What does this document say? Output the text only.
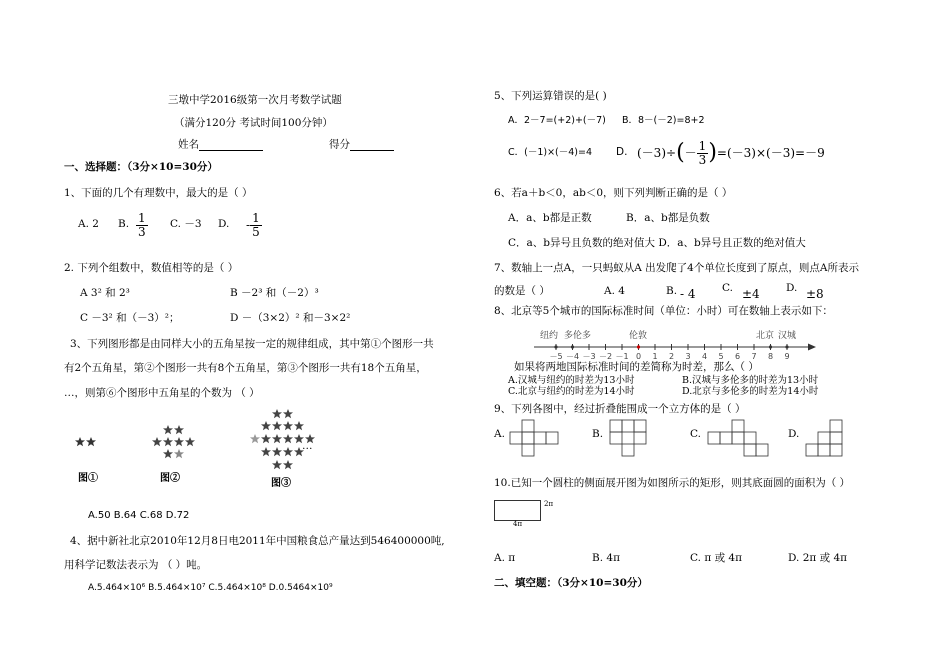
三墩中学2016级第一次月考数学试题
（满分120分 考试时间100分钟）
姓名	得分
一、选择题：（3分×10=30分）
1、下面的几个有理数中，最大的是（ ）
A. 2 B. $\frac{1}{3} C$. －3 D. - $\frac{1}{5}$
2. 下列个组数中，数值相等的是（ ）
A 3² 和 2³	B －2³ 和（－2）³
C －3² 和（－3）²；	D －（3×2）² 和－3×2²
3、下列图形都是由同样大小的五角星按一定的规律组成，其中第①个图形一共
有2个五角星，第②个图形一共有8个五角星，第③个图形一共有18个五角星，
…，则第⑥个图形中五角星的个数为 （ ）
…
图①	图②	图③
A.50 B.64 C.68 D.72
4、据中新社北京2010年12月8日电2011年中国粮食总产量达到546400000吨,
用科学记数法表示为 （ ）吨。
A.5.464×10⁶ B.5.464×10⁷ C.5.464×10⁸ D.0.5464×10⁹
5、下列运算错误的是( )
A．2－7=(+2)+(－7) B．8－(－2)=8+2
C．(－1)×(－4)=4 D. $(-3)\div(- \frac{1}{3} )=(-3)\times(-3)=-9$
6、若a＋b＜0，ab＜0，则下列判断正确的是（ ）
A．a、b都是正数	B．a、b都是负数
C．a、b异号且负数的绝对值大 D．a、b异号且正数的绝对值大
7、数轴上一点A，一只蚂蚁从A 出发爬了4个单位长度到了原点，则点A所表示
的数是（ ）	A. 4	B. - 4	C. ±4	D. ±8
8、北京等5个城市的国际标准时间（单位：小时）可在数轴上表示如下：
纽约 多伦多	伦敦	北京 汉城
－5 －4 －3 －2 －1 0 1 2 3 4 5 6 7 8 9
如果将两地国际标准时间的差简称为时差，那么（ ）
A.汉城与纽约的时差为13小时	B.汉城与多伦多的时差为13小时
C.北京与纽约的时差为14小时	D.北京与多伦多的时差为14小时
9、下列各图中，经过折叠能围成一个立方体的是（ ）
A.	B.	C.	D.
10.已知一个圆柱的侧面展开图为如图所示的矩形，则其底面圆的面积为（ ）
2π
4π
A. π	B. 4π	C. π 或 4π	D. 2π 或 4π
二、填空题：（3分×10=30分）
